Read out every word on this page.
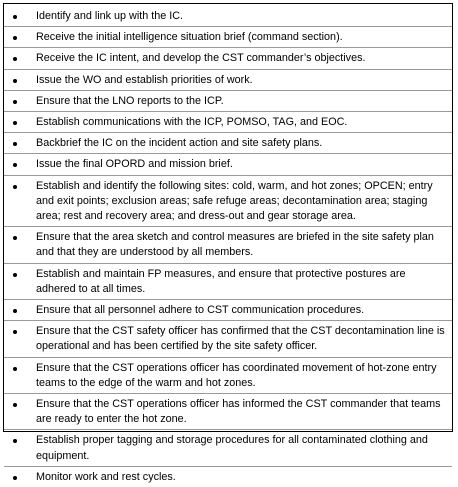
Identify and link up with the IC.
Receive the initial intelligence situation brief (command section).
Receive the IC intent, and develop the CST commander’s objectives.
Issue the WO and establish priorities of work.
Ensure that the LNO reports to the ICP.
Establish communications with the ICP, POMSO, TAG, and EOC.
Backbrief the IC on the incident action and site safety plans.
Issue the final OPORD and mission brief.
Establish and identify the following sites: cold, warm, and hot zones; OPCEN; entry and exit points; exclusion areas; safe refuge areas; decontamination area; staging area; rest and recovery area; and dress-out and gear storage area.
Ensure that the area sketch and control measures are briefed in the site safety plan and that they are understood by all members.
Establish and maintain FP measures, and ensure that protective postures are adhered to at all times.
Ensure that all personnel adhere to CST communication procedures.
Ensure that the CST safety officer has confirmed that the CST decontamination line is operational and has been certified by the site safety officer.
Ensure that the CST operations officer has coordinated movement of hot-zone entry teams to the edge of the warm and hot zones.
Ensure that the CST operations officer has informed the CST commander that teams are ready to enter the hot zone.
Establish proper tagging and storage procedures for all contaminated clothing and equipment.
Monitor work and rest cycles.
